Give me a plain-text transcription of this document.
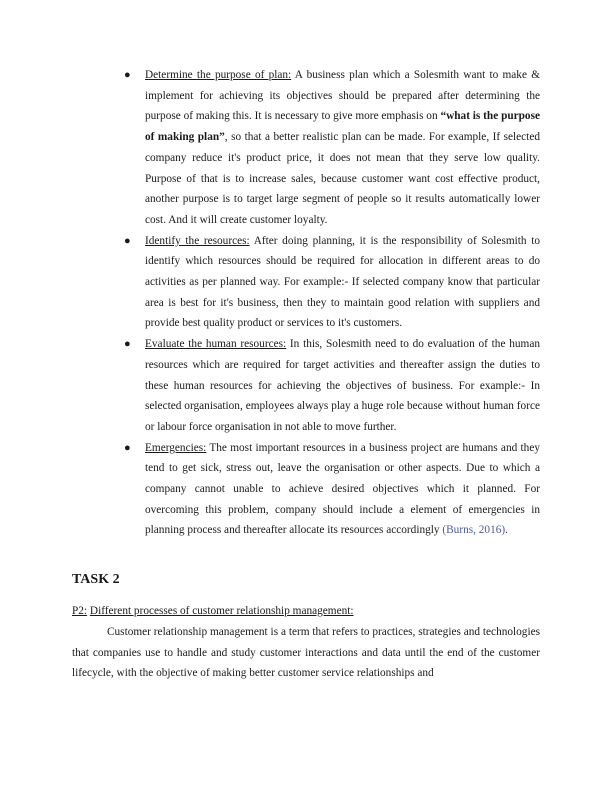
● Determine the purpose of plan: A business plan which a Solesmith want to make & implement for achieving its objectives should be prepared after determining the purpose of making this. It is necessary to give more emphasis on “what is the purpose of making plan”, so that a better realistic plan can be made. For example, If selected company reduce it's product price, it does not mean that they serve low quality. Purpose of that is to increase sales, because customer want cost effective product, another purpose is to target large segment of people so it results automatically lower cost. And it will create customer loyalty.
● Identify the resources: After doing planning, it is the responsibility of Solesmith to identify which resources should be required for allocation in different areas to do activities as per planned way. For example:- If selected company know that particular area is best for it's business, then they to maintain good relation with suppliers and provide best quality product or services to it's customers.
● Evaluate the human resources: In this, Solesmith need to do evaluation of the human resources which are required for target activities and thereafter assign the duties to these human resources for achieving the objectives of business. For example:- In selected organisation, employees always play a huge role because without human force or labour force organisation in not able to move further.
● Emergencies: The most important resources in a business project are humans and they tend to get sick, stress out, leave the organisation or other aspects. Due to which a company cannot unable to achieve desired objectives which it planned. For overcoming this problem, company should include a element of emergencies in planning process and thereafter allocate its resources accordingly (Burns, 2016).
TASK 2
P2: Different processes of customer relationship management:

Customer relationship management is a term that refers to practices, strategies and technologies that companies use to handle and study customer interactions and data until the end of the customer lifecycle, with the objective of making better customer service relationships and
